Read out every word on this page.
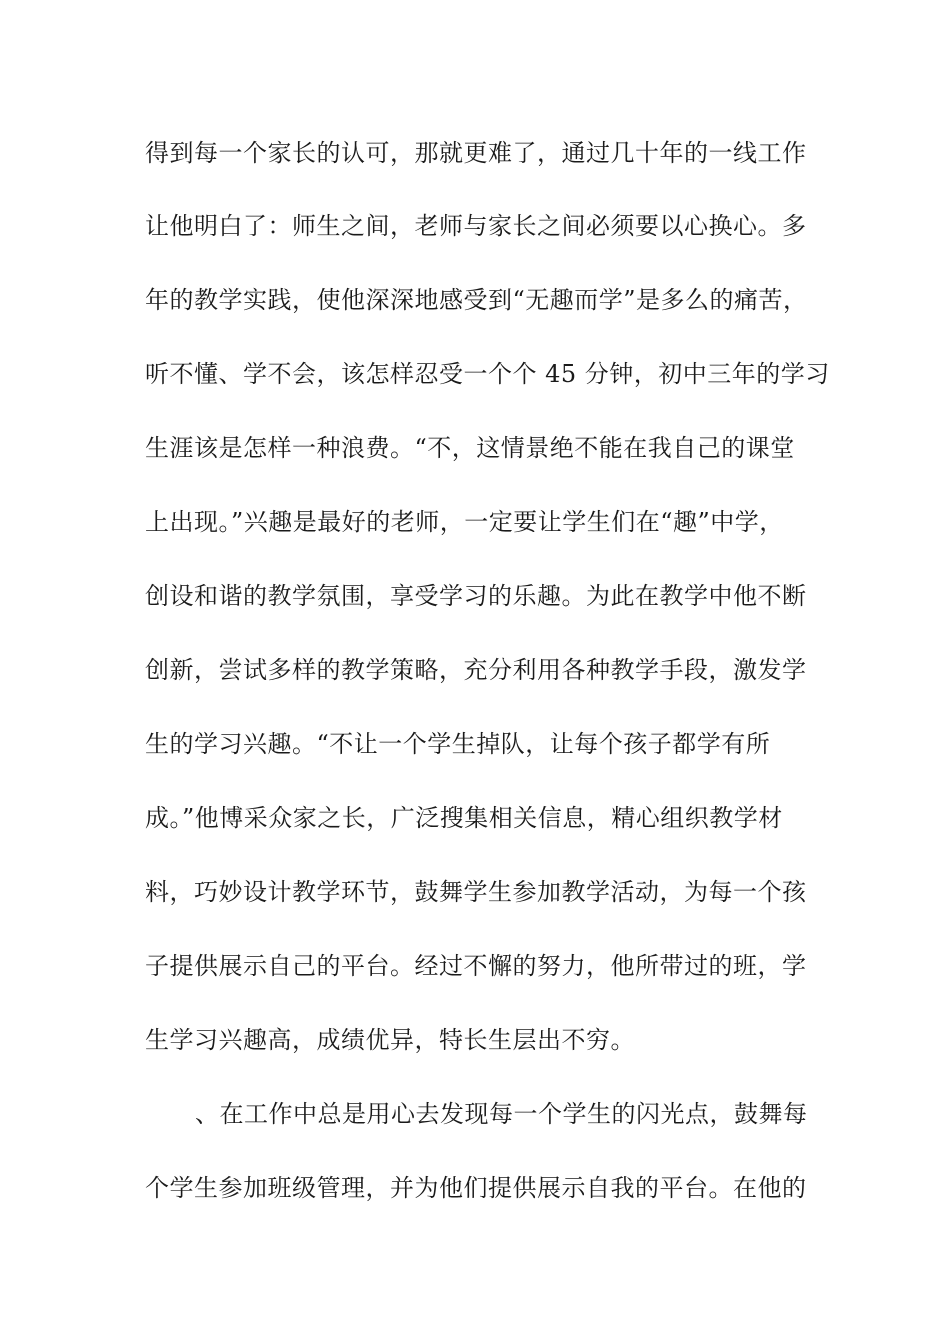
得到每一个家长的认可，那就更难了，通过几十年的一线工作
让他明白了：师生之间，老师与家长之间必须要以心换心。多
年的教学实践，使他深深地感受到“无趣而学”是多么的痛苦，
听不懂、学不会，该怎样忍受一个个 45 分钟，初中三年的学习
生涯该是怎样一种浪费。“不，这情景绝不能在我自己的课堂
上出现。”兴趣是最好的老师，一定要让学生们在“趣”中学，
创设和谐的教学氛围，享受学习的乐趣。为此在教学中他不断
创新，尝试多样的教学策略，充分利用各种教学手段，激发学
生的学习兴趣。“不让一个学生掉队，让每个孩子都学有所
成。”他博采众家之长，广泛搜集相关信息，精心组织教学材
料，巧妙设计教学环节，鼓舞学生参加教学活动，为每一个孩
子提供展示自己的平台。经过不懈的努力，他所带过的班，学
生学习兴趣高，成绩优异，特长生层出不穷。
、在工作中总是用心去发现每一个学生的闪光点，鼓舞每
个学生参加班级管理，并为他们提供展示自我的平台。在他的
